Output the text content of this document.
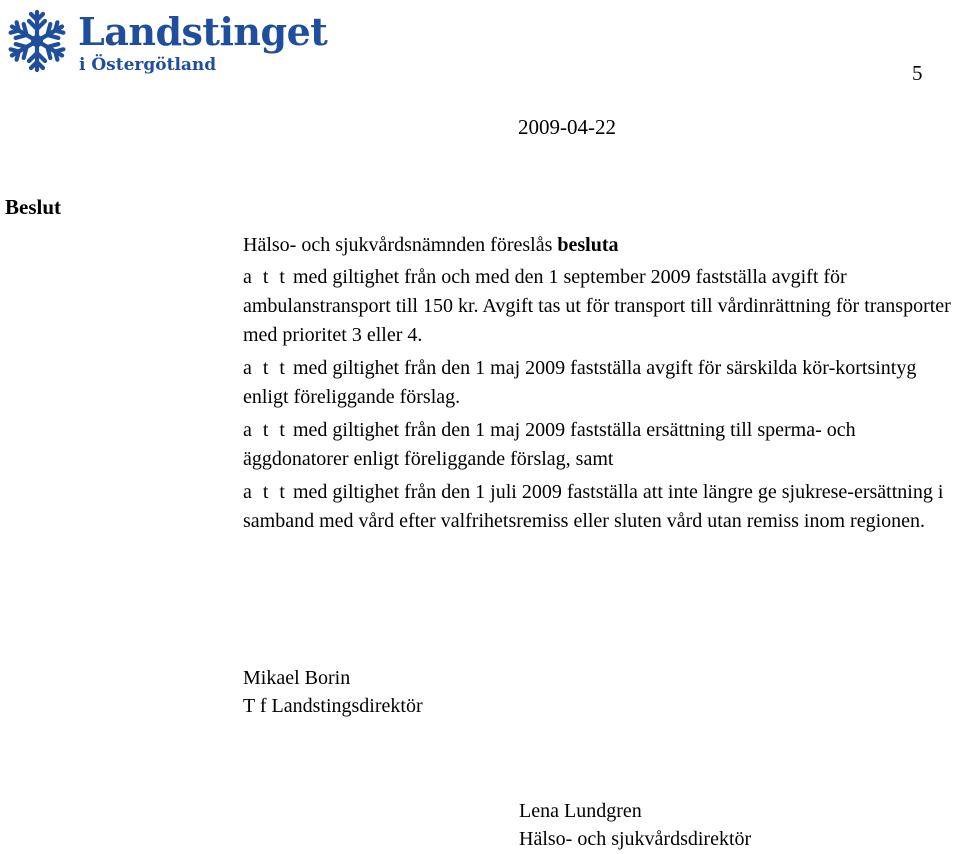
Landstinget
i Östergötland	5
2009-04-22
Beslut

Hälso- och sjukvårdsnämnden föreslås besluta

a t t med giltighet från och med den 1 september 2009 fastställa avgift för ambulanstransport till 150 kr. Avgift tas ut för transport till vårdinrättning för transporter med prioritet 3 eller 4.

a t t med giltighet från den 1 maj 2009 fastställa avgift för särskilda kör-kortsintyg enligt föreliggande förslag.

a t t med giltighet från den 1 maj 2009 fastställa ersättning till sperma- och äggdonatorer enligt föreliggande förslag, samt

a t t med giltighet från den 1 juli 2009 fastställa att inte längre ge sjukrese-ersättning i samband med vård efter valfrihetsremiss eller sluten vård utan remiss inom regionen.

Mikael Borin
T f Landstingsdirektör
Lena Lundgren
Hälso- och sjukvårdsdirektör
